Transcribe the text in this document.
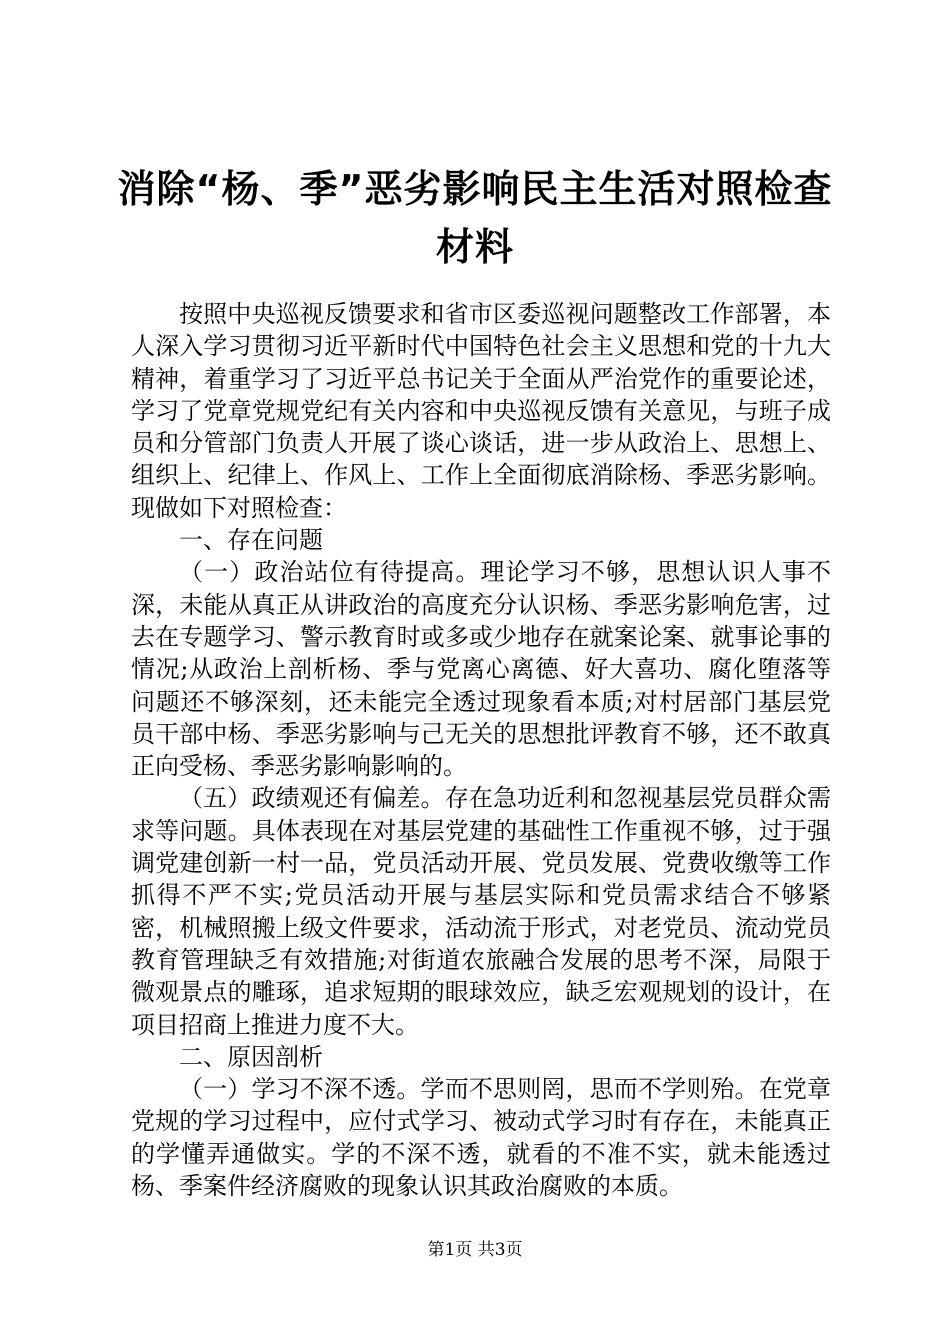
消除“杨、季”恶劣影响民主生活对照检查材料

按照中央巡视反馈要求和省市区委巡视问题整改工作部署，本人深入学习贯彻习近平新时代中国特色社会主义思想和党的十九大精神，着重学习了习近平总书记关于全面从严治党作的重要论述，学习了党章党规党纪有关内容和中央巡视反馈有关意见，与班子成员和分管部门负责人开展了谈心谈话，进一步从政治上、思想上、组织上、纪律上、作风上、工作上全面彻底消除杨、季恶劣影响。现做如下对照检查：

一、存在问题

（一）政治站位有待提高。理论学习不够，思想认识人事不深，未能从真正从讲政治的高度充分认识杨、季恶劣影响危害，过去在专题学习、警示教育时或多或少地存在就案论案、就事论事的情况;从政治上剖析杨、季与党离心离德、好大喜功、腐化堕落等问题还不够深刻，还未能完全透过现象看本质;对村居部门基层党员干部中杨、季恶劣影响与己无关的思想批评教育不够，还不敢真正向受杨、季恶劣影响影响的。

（五）政绩观还有偏差。存在急功近利和忽视基层党员群众需求等问题。具体表现在对基层党建的基础性工作重视不够，过于强调党建创新一村一品，党员活动开展、党员发展、党费收缴等工作抓得不严不实;党员活动开展与基层实际和党员需求结合不够紧密，机械照搬上级文件要求，活动流于形式，对老党员、流动党员教育管理缺乏有效措施;对街道农旅融合发展的思考不深，局限于微观景点的雕琢，追求短期的眼球效应，缺乏宏观规划的设计，在项目招商上推进力度不大。

二、原因剖析

（一）学习不深不透。学而不思则罔，思而不学则殆。在党章党规的学习过程中，应付式学习、被动式学习时有存在，未能真正的学懂弄通做实。学的不深不透，就看的不准不实，就未能透过杨、季案件经济腐败的现象认识其政治腐败的本质。

第1页 共3页
